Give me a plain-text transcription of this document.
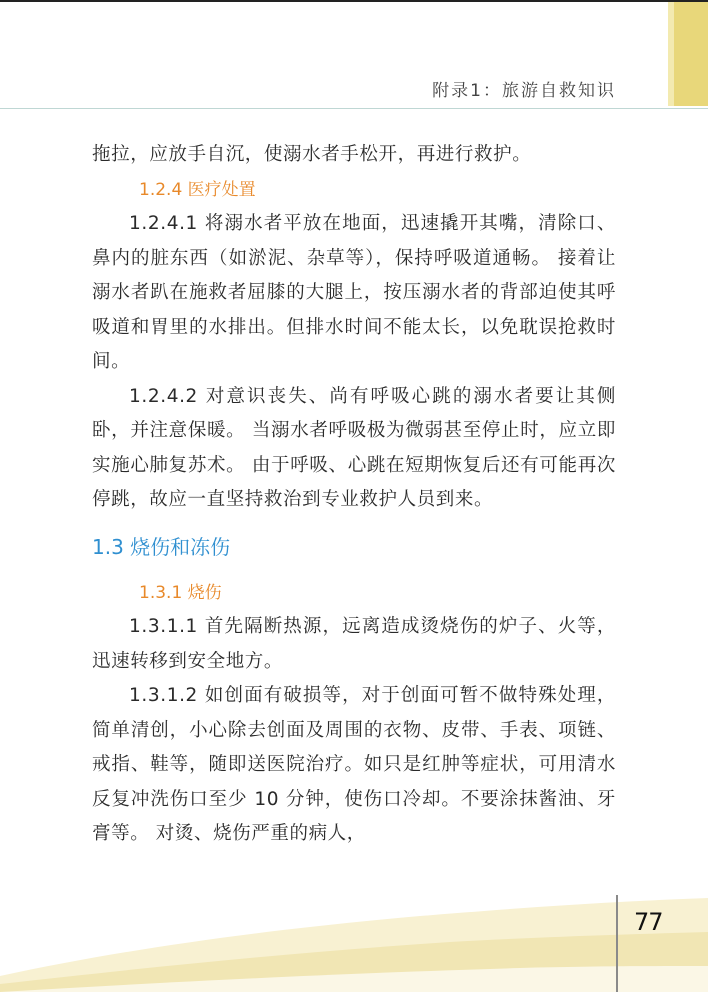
附录1：旅游自救知识

拖拉，应放手自沉，使溺水者手松开，再进行救护。

1.2.4 医疗处置

1.2.4.1 将溺水者平放在地面，迅速撬开其嘴，清除口、鼻内的脏东西（如淤泥、杂草等），保持呼吸道通畅。 接着让溺水者趴在施救者屈膝的大腿上，按压溺水者的背部迫使其呼吸道和胃里的水排出。但排水时间不能太长，以免耽误抢救时间。

1.2.4.2 对意识丧失、尚有呼吸心跳的溺水者要让其侧卧，并注意保暖。 当溺水者呼吸极为微弱甚至停止时，应立即实施心肺复苏术。 由于呼吸、心跳在短期恢复后还有可能再次停跳，故应一直坚持救治到专业救护人员到来。

1.3 烧伤和冻伤
1.3.1 烧伤

1.3.1.1 首先隔断热源，远离造成烫烧伤的炉子、火等，迅速转移到安全地方。

1.3.1.2 如创面有破损等，对于创面可暂不做特殊处理，简单清创，小心除去创面及周围的衣物、皮带、手表、项链、戒指、鞋等，随即送医院治疗。如只是红肿等症状，可用清水反复冲洗伤口至少 10 分钟，使伤口冷却。不要涂抹酱油、牙膏等。 对烫、烧伤严重的病人，

77
